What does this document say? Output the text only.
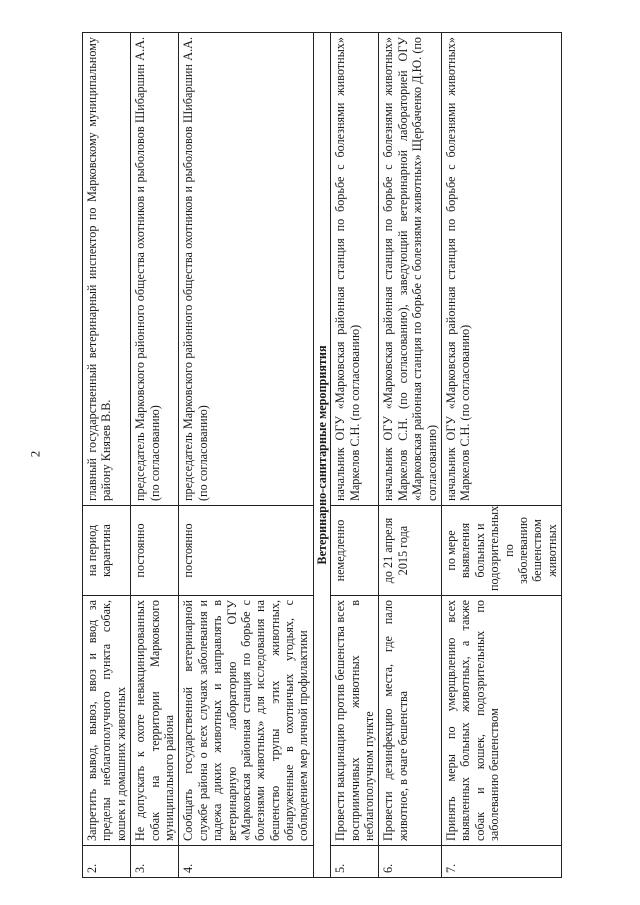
2
2.	Запретить вывод, вывоз, ввоз и ввод за пределы неблагополучного пункта собак, кошек и домашних животных	на период карантина	главный государственный ветеринарный инспектор по Марковскому муниципальному району Князев В.В.
3.	Не допускать к охоте невакцинированных собак на территории Марковского муниципального района	постоянно	председатель Марковского районного общества охотников и рыболовов Шибаршин А.А. (по согласованию)
4.	Сообщать государственной ветеринарной службе района о всех случаях заболевания и падежа диких животных и направлять в ветеринарную лабораторию ОГУ «Марковская районная станция по борьбе с болезнями животных» для исследования на бешенство трупы этих животных, обнаруженные в охотничьих угодьях, с соблюдением мер личной профилактики	постоянно	председатель Марковского районного общества охотников и рыболовов Шибаршин А.А. (по согласованию)
Ветеринарно-санитарные мероприятия			
5.	Провести вакцинацию против бешенства всех восприимчивых животных в неблагополучном пункте	немедленно	начальник ОГУ «Марковская районная станция по борьбе с болезнями животных» Маркелов С.Н. (по согласованию)
6.	Провести дезинфекцию места, где пало животное, в очаге бешенства	до 21 апреля 2015 года	начальник ОГУ «Марковская районная станция по борьбе с болезнями животных» Маркелов С.Н. (по согласованию), заведующий ветеринарной лабораторией ОГУ «Марковская районная станция по борьбе с болезнями животных» Щербаченко Д.Ю. (по согласованию)
7.	Принять меры по умерщвлению всех выявленных больных животных, а также собак и кошек, подозрительных по заболеванию бешенством	по мере выявления больных и подозрительных по заболеванию бешенством животных	начальник ОГУ «Марковская районная станция по борьбе с болезнями животных» Маркелов С.Н. (по согласованию)
